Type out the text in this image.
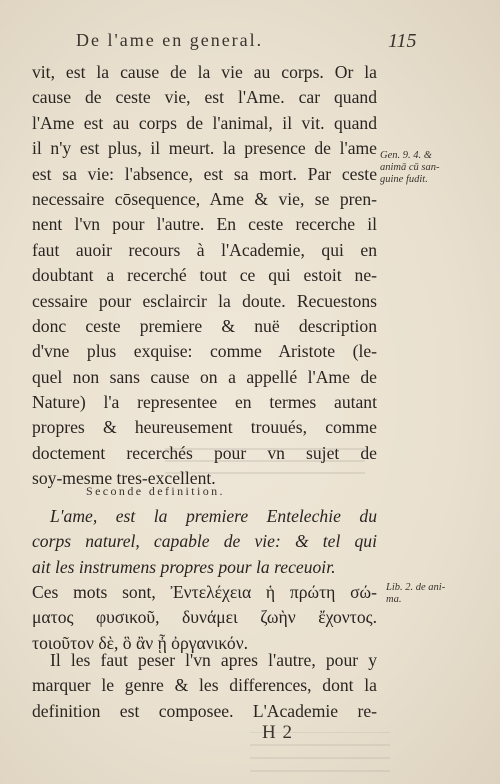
De l'ame en general.	115
vit, est la cause de la vie au corps. Or la
cause de ceste vie, est l'Ame. car quand
l'Ame est au corps de l'animal, il vit. quand
il n'y est plus, il meurt. la presence de l'ame
est sa vie: l'absence, est sa mort. Par ceste
necessaire cōsequence, Ame & vie, se pren-
nent l'vn pour l'autre. En ceste recerche il
faut auoir recours à l'Academie, qui en
doubtant a recerché tout ce qui estoit ne-
cessaire pour esclaircir la doute. Recuestons
donc ceste premiere & nuë description
d'vne plus exquise: comme Aristote (le-
quel non sans cause on a appellé l'Ame de
Nature) l'a representee en termes autant
propres & heureusement trouués, comme
doctement recerchés pour vn sujet de
soy-mesme tres-excellent.
Gen. 9. 4. &
animā cū san-
guine fudit.
Seconde definition.
L'ame, est la premiere Entelechie du
corps naturel, capable de vie: & tel qui
ait les instrumens propres pour la receuoir.
Ces mots sont, Ἐντελέχεια ἡ πρώτη σώ-
ματος φυσικοῦ, δυνάμει ζωὴν ἔχοντος.
τοιοῦτον δὲ, ὃ ἂν ᾖ ὀργανικόν.
Lib. 2. de ani-
ma.
Il les faut peser l'vn apres l'autre, pour y
marquer le genre & les differences, dont la
definition est composee. L'Academie re-
H 2
